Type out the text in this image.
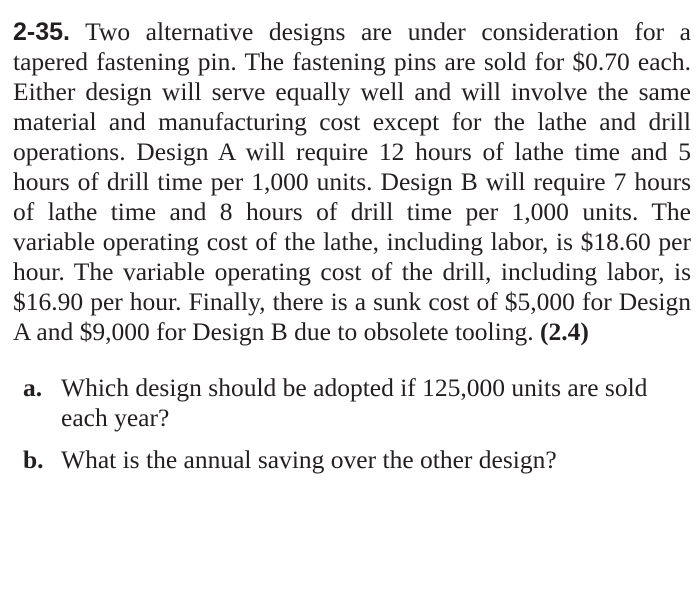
2-35. Two alternative designs are under consideration for a tapered fastening pin. The fastening pins are sold for $0.70 each. Either design will serve equally well and will involve the same material and manufacturing cost except for the lathe and drill operations. Design A will require 12 hours of lathe time and 5 hours of drill time per 1,000 units. Design B will require 7 hours of lathe time and 8 hours of drill time per 1,000 units. The variable operating cost of the lathe, including labor, is $18.60 per hour. The variable operating cost of the drill, including labor, is $16.90 per hour. Finally, there is a sunk cost of $5,000 for Design A and $9,000 for Design B due to obsolete tooling. (2.4)

a. Which design should be adopted if 125,000 units are sold each year?
b. What is the annual saving over the other design?
